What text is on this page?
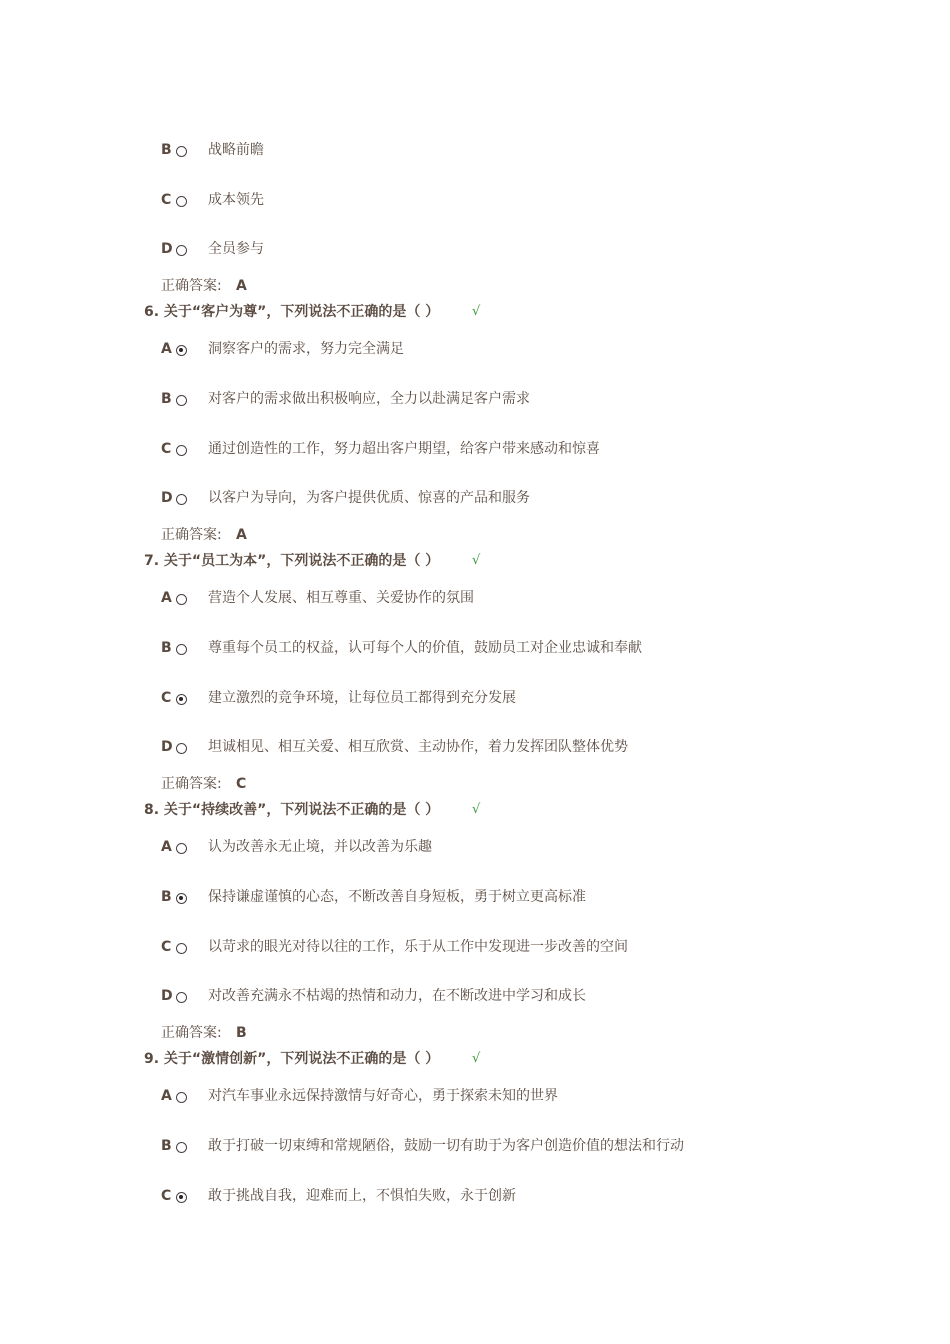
B	战略前瞻
C	成本领先
D	全员参与
正确答案: A
6. 关于“客户为尊”，下列说法不正确的是（ ）	√
A	洞察客户的需求，努力完全满足
B	对客户的需求做出积极响应，全力以赴满足客户需求
C	通过创造性的工作，努力超出客户期望，给客户带来感动和惊喜
D	以客户为导向，为客户提供优质、惊喜的产品和服务
正确答案: A
7. 关于“员工为本”，下列说法不正确的是（ ）	√
A	营造个人发展、相互尊重、关爱协作的氛围
B	尊重每个员工的权益，认可每个人的价值，鼓励员工对企业忠诚和奉献
C	建立激烈的竞争环境，让每位员工都得到充分发展
D	坦诚相见、相互关爱、相互欣赏、主动协作，着力发挥团队整体优势
正确答案: C
8. 关于“持续改善”，下列说法不正确的是（ ）	√
A	认为改善永无止境，并以改善为乐趣
B	保持谦虚谨慎的心态，不断改善自身短板，勇于树立更高标准
C	以苛求的眼光对待以往的工作，乐于从工作中发现进一步改善的空间
D	对改善充满永不枯竭的热情和动力，在不断改进中学习和成长
正确答案: B
9. 关于“激情创新”，下列说法不正确的是（ ）	√
A	对汽车事业永远保持激情与好奇心，勇于探索未知的世界
B	敢于打破一切束缚和常规陋俗，鼓励一切有助于为客户创造价值的想法和行动
C	敢于挑战自我，迎难而上，不惧怕失败，永于创新
